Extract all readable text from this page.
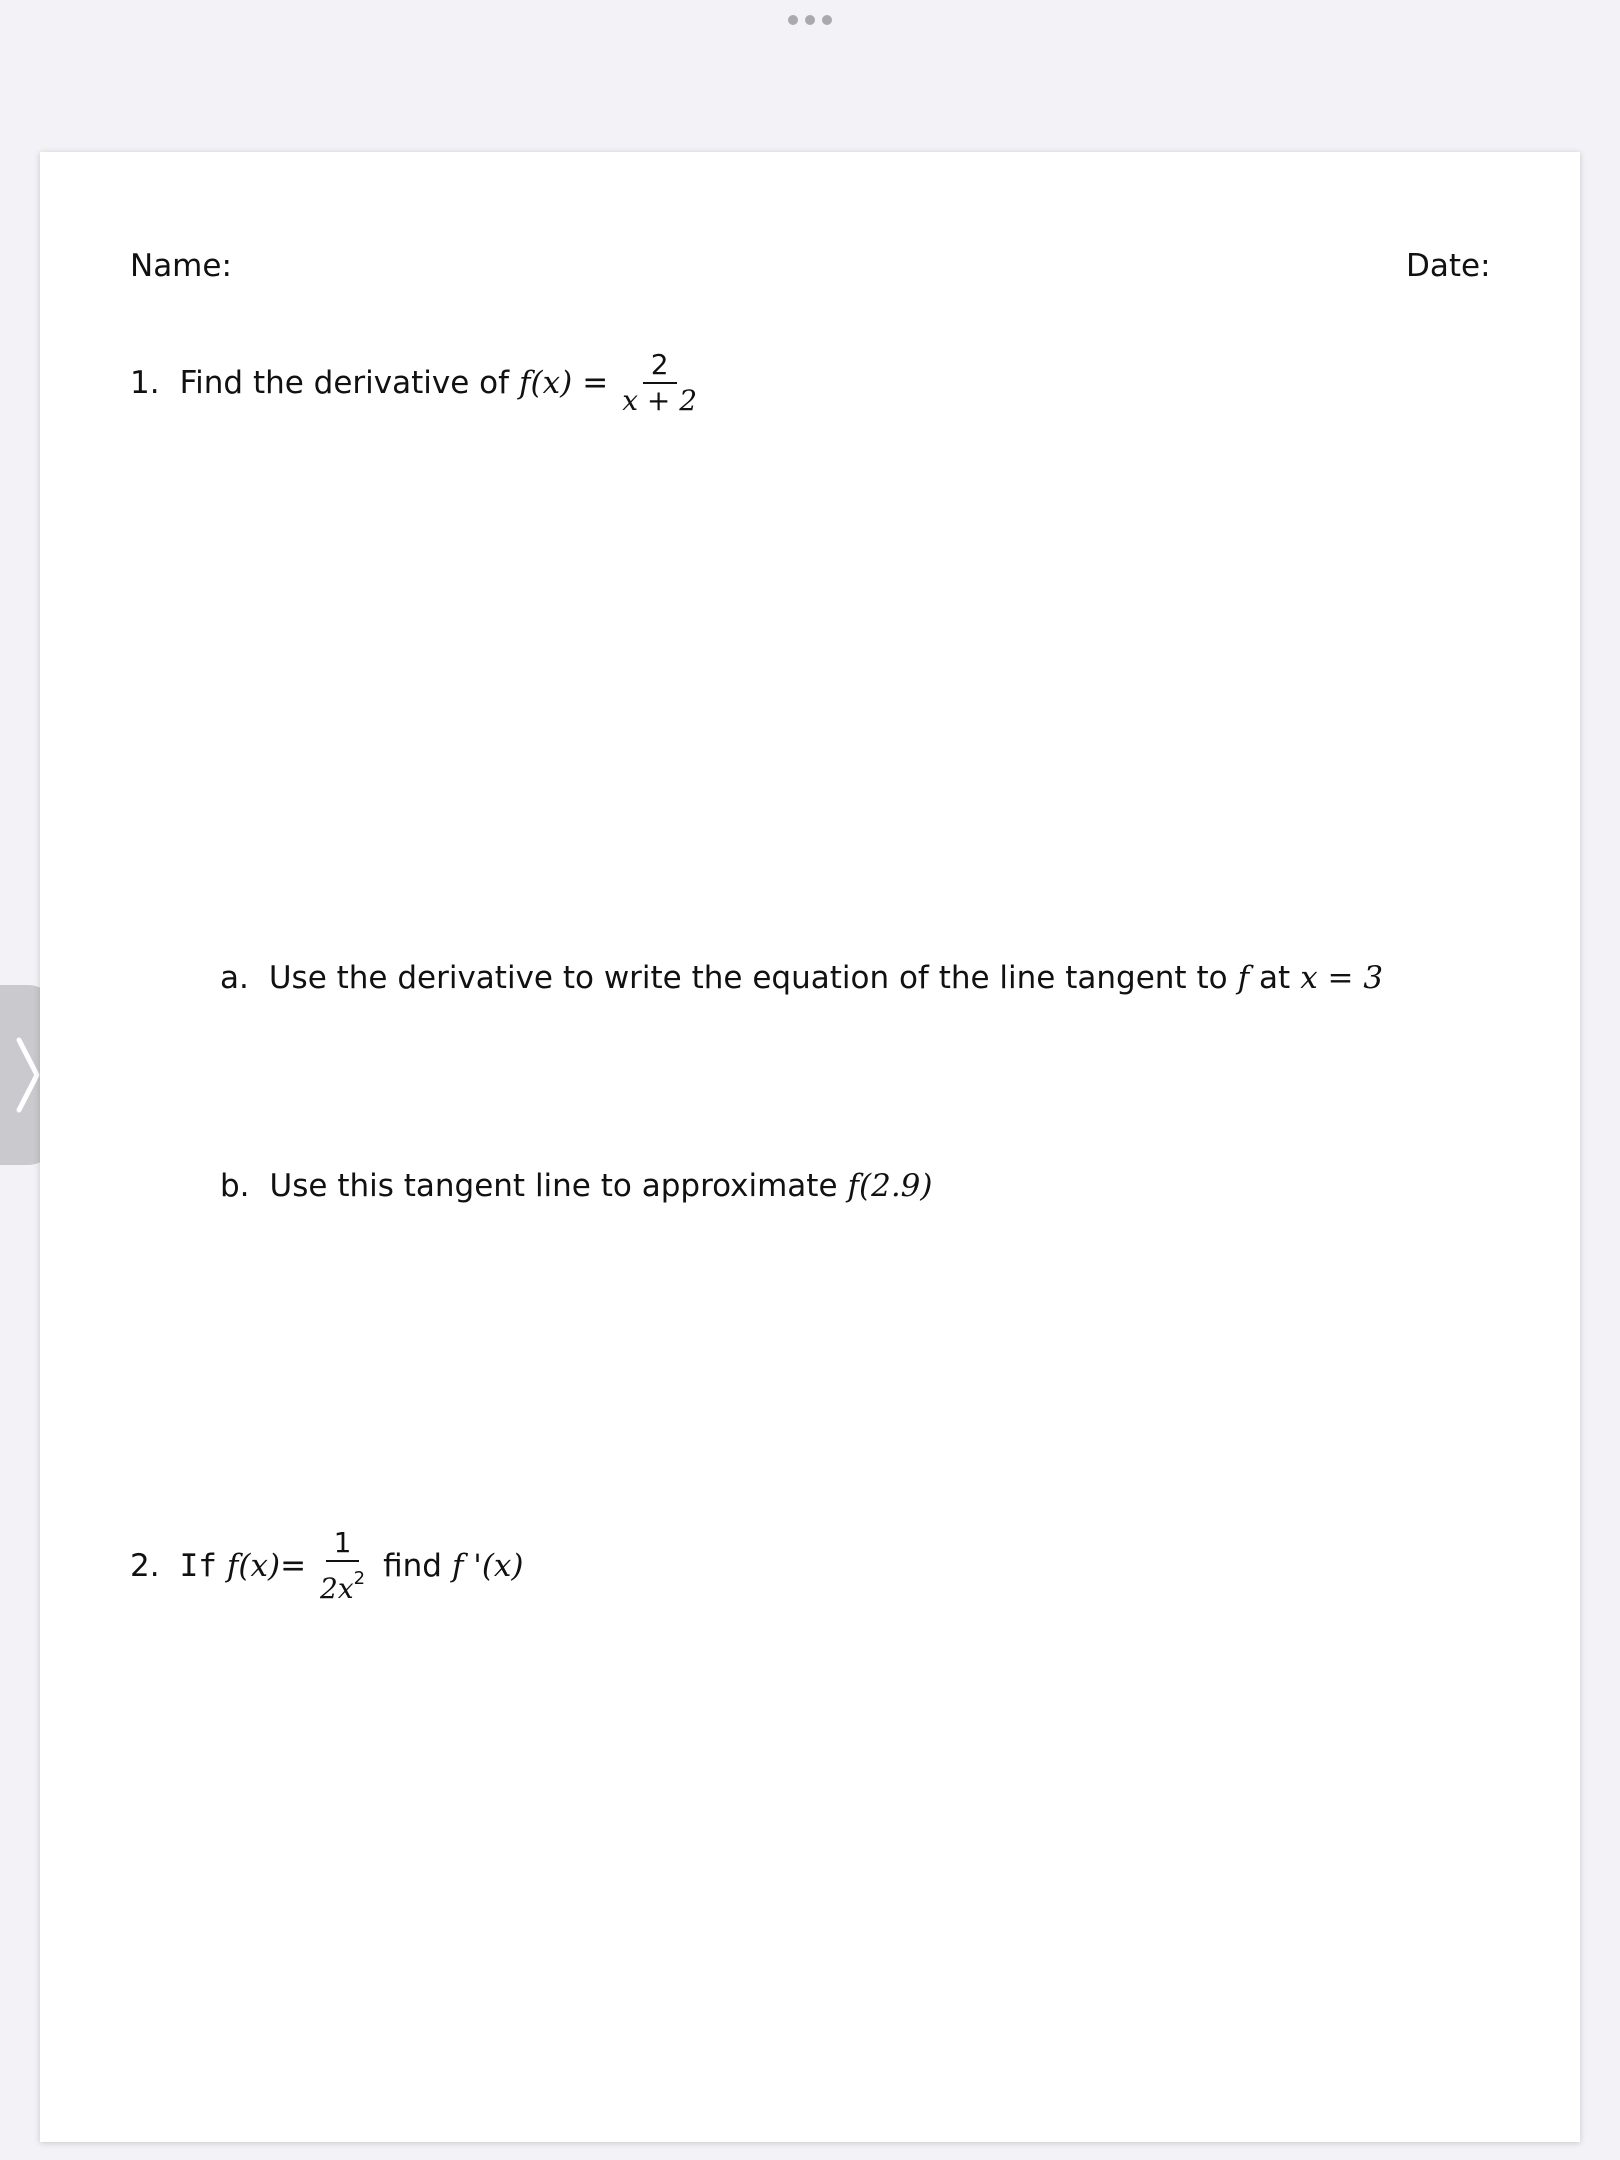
Name:	Date:
1. Find the derivative of $f(x) = \frac{2}{x + 2}$
a. Use the derivative to write the equation of the line tangent to f at x = 3
b. Use this tangent line to approximate f(2.9)
2. If $f(x) = \frac{1}{2x^2}$ find f '(x)
